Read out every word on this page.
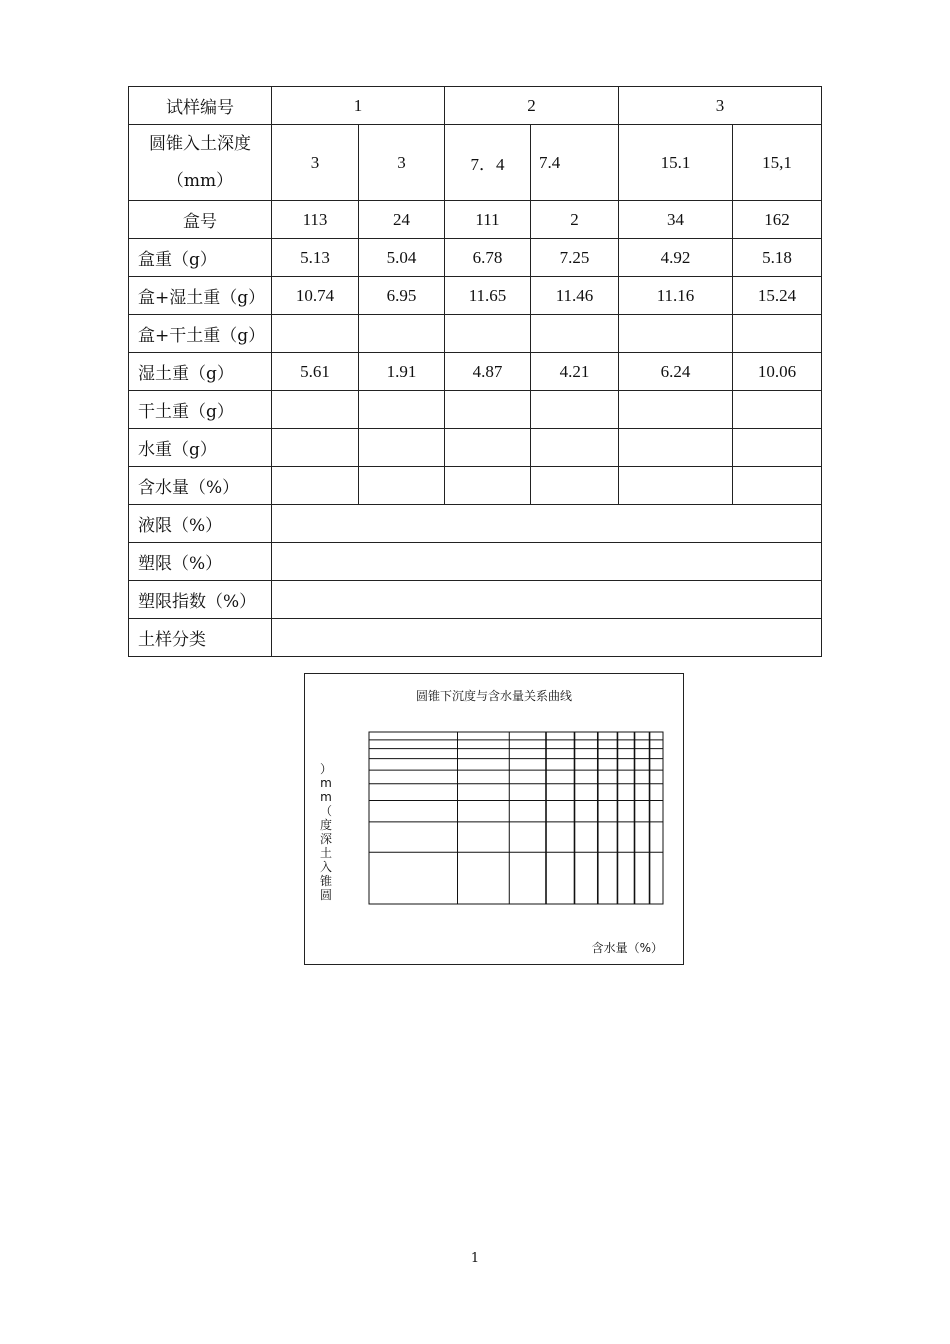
试样编号	1		2		3	

圆锥入土深度
（mm）	3	3	7．4	7.4	15.1	15,1
盒号	113	24	111	2	34	162
盒重（g）	5.13	5.04	6.78	7.25	4.92	5.18
盒+湿土重（g）	10.74	6.95	11.65	11.46	11.16	15.24
盒+干土重（g）						
湿土重（g）	5.61	1.91	4.87	4.21	6.24	10.06
干土重（g）						
水重（g）						
含水量（%）						
液限（%）						
塑限（%）						
塑限指数（%）						
土样分类						
圆锥下沉度与含水量关系曲线
）
m
m
（
度
深
土
入
锥
圆
含水量（%）
1
